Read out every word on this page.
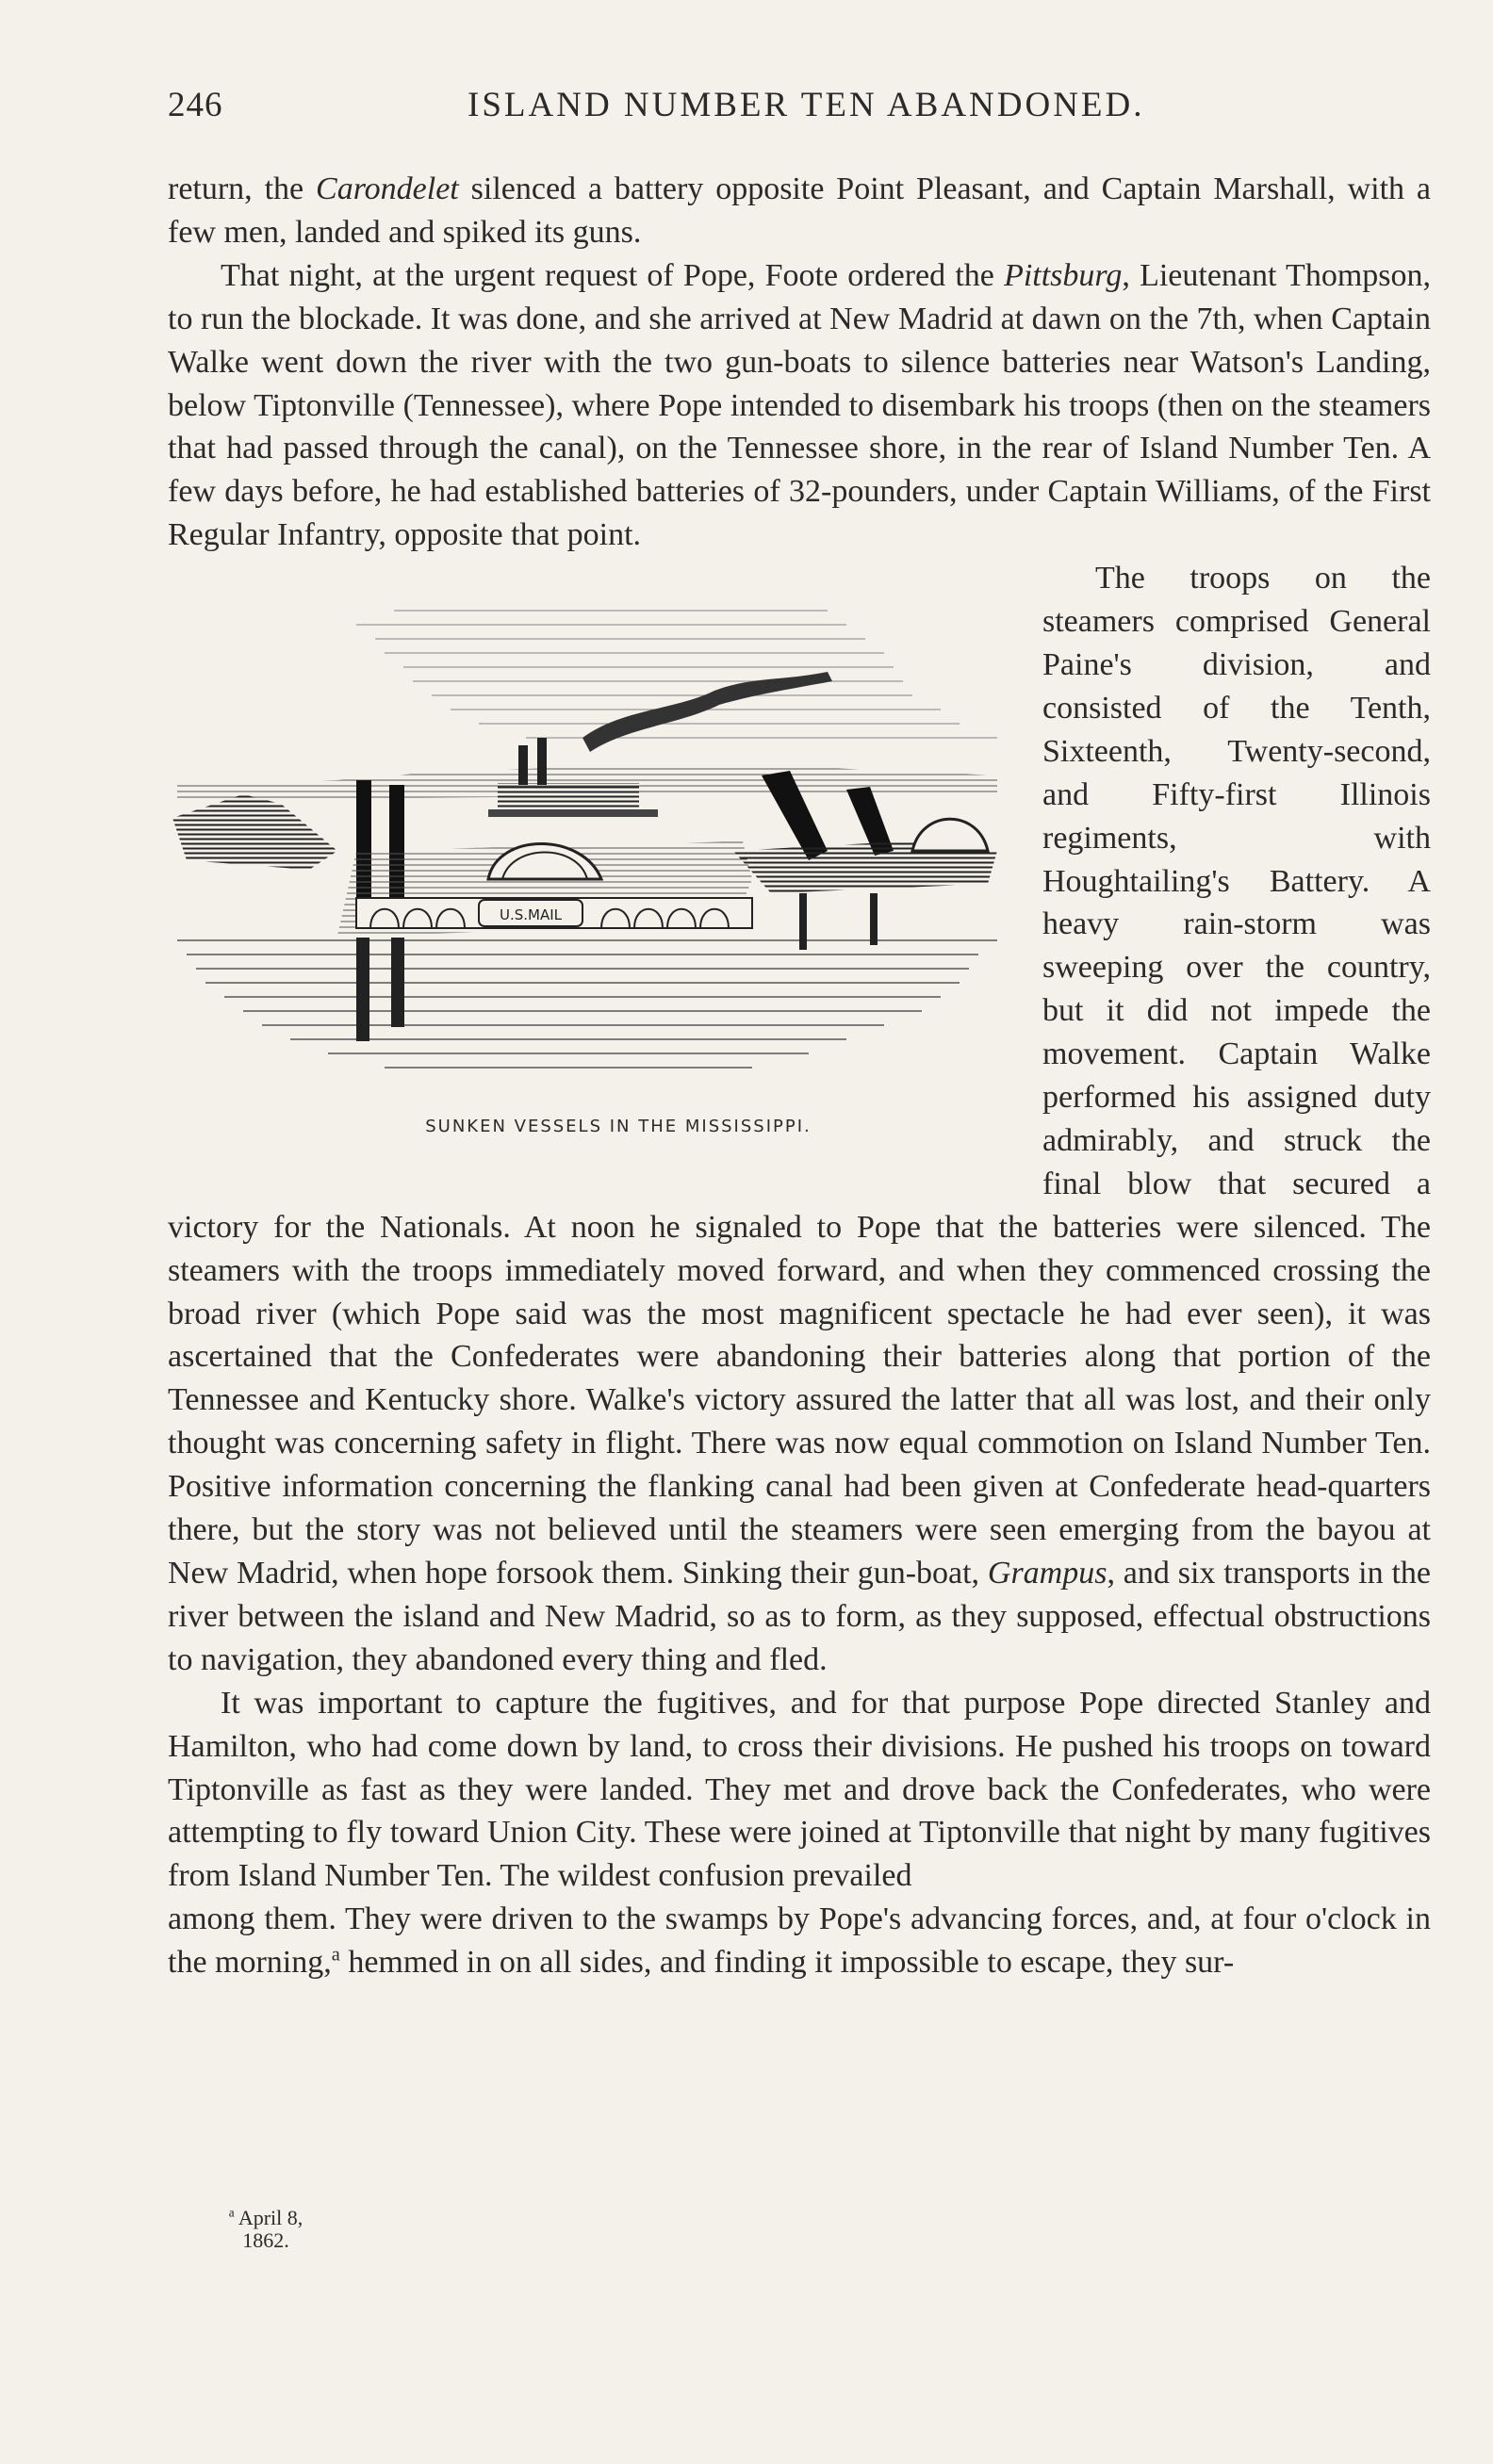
246	ISLAND NUMBER TEN ABANDONED.

return, the Carondelet silenced a battery opposite Point Pleasant, and Captain Marshall, with a few men, landed and spiked its guns.

That night, at the urgent request of Pope, Foote ordered the Pittsburg, Lieutenant Thompson, to run the blockade. It was done, and she arrived at New Madrid at dawn on the 7th, when Captain Walke went down the river with the two gun-boats to silence batteries near Watson's Landing, below Tiptonville (Tennessee), where Pope intended to disembark his troops (then on the steamers that had passed through the canal), on the Tennessee shore, in the rear of Island Number Ten. A few days before, he had established batteries of 32-pounders, under Captain Williams, of the First Regular Infantry, opposite that point.

U.S.MAIL
SUNKEN VESSELS IN THE MISSISSIPPI.
The troops on the steamers comprised General Paine's division, and consisted of the Tenth, Sixteenth, Twenty-second, and Fifty-first Illinois regiments, with Houghtailing's Battery. A heavy rain-storm was sweeping over the country, but it did not impede the movement. Captain Walke performed his assigned duty admirably, and struck the final blow that secured a victory for the Nationals. At noon he signaled to Pope that the batteries were silenced. The steamers with the troops immediately moved forward, and when they commenced crossing the broad river (which Pope said was the most magnificent spectacle he had ever seen), it was ascertained that the Confederates were abandoning their batteries along that portion of the Tennessee and Kentucky shore. Walke's victory assured the latter that all was lost, and their only thought was concerning safety in flight. There was now equal commotion on Island Number Ten. Positive information concerning the flanking canal had been given at Confederate head-quarters there, but the story was not believed until the steamers were seen emerging from the bayou at New Madrid, when hope forsook them. Sinking their gun-boat, Grampus, and six transports in the river between the island and New Madrid, so as to form, as they supposed, effectual obstructions to navigation, they abandoned every thing and fled.

It was important to capture the fugitives, and for that purpose Pope directed Stanley and Hamilton, who had come down by land, to cross their divisions. He pushed his troops on toward Tiptonville as fast as they were landed. They met and drove back the Confederates, who were attempting to fly toward Union City. These were joined at Tiptonville that night by many fugitives from Island Number Ten. The wildest confusion prevailed

among them. They were driven to the swamps by Pope's advancing forces, and, at four o'clock in the morning,$^a$ hemmed in on all sides, and finding it impossible to escape, they sur-

$^a$ April 8,
1862.
